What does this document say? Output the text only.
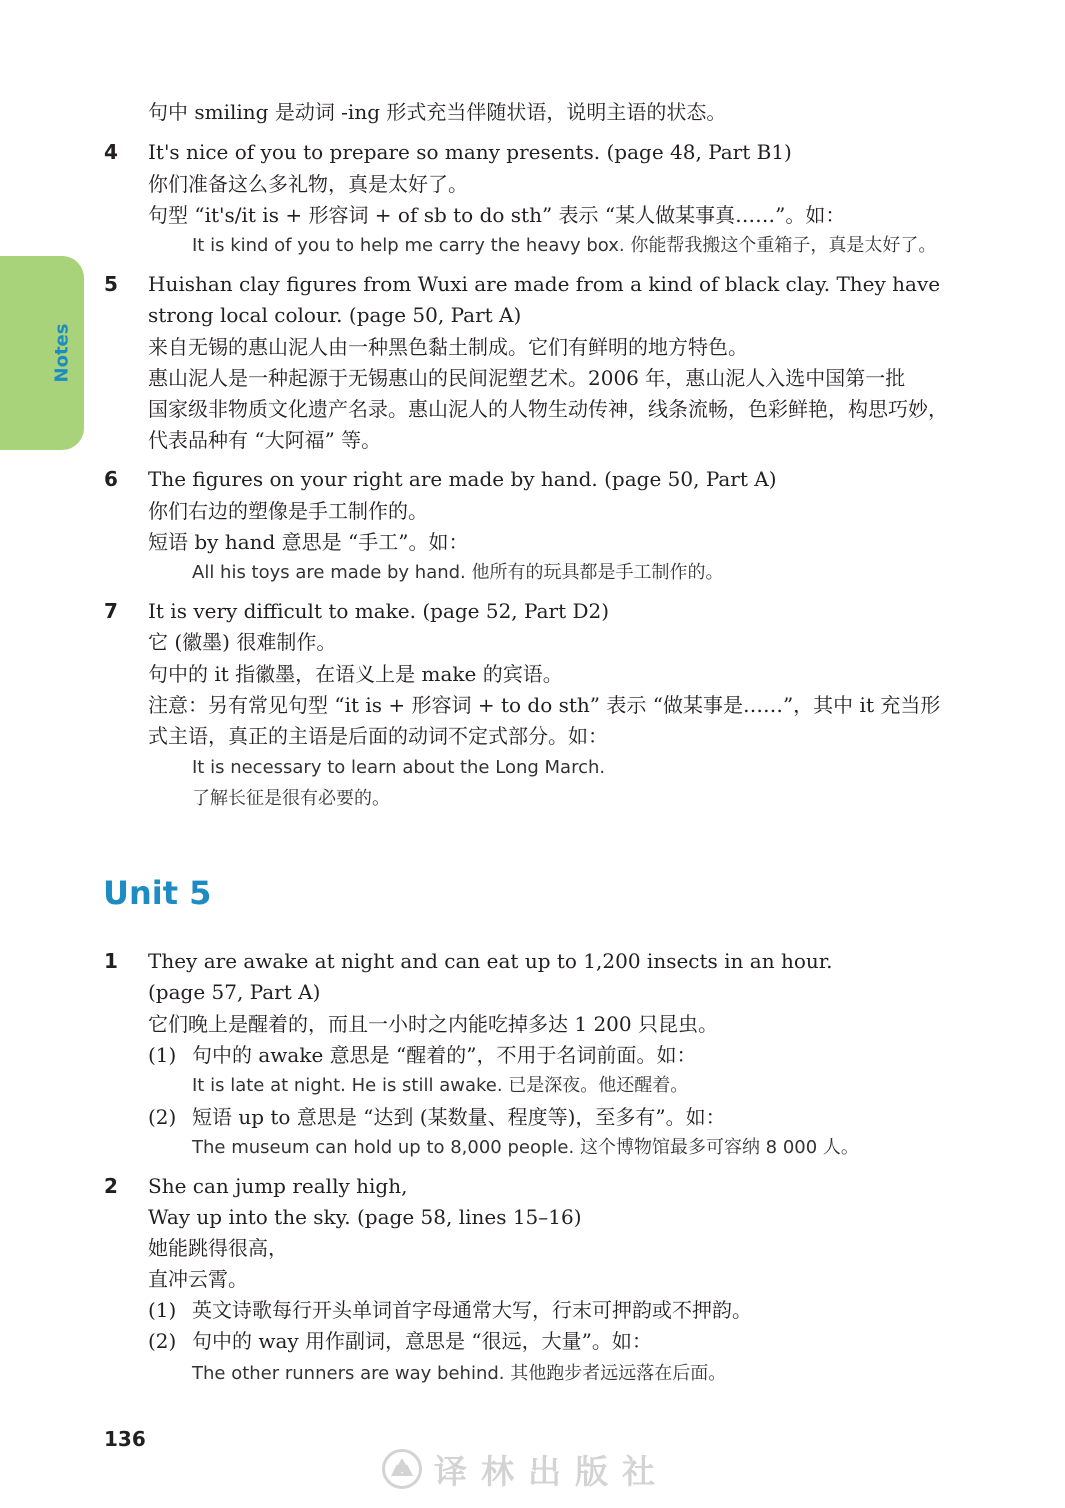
Notes
句中 smiling 是动词 -ing 形式充当伴随状语，说明主语的状态。
4 It's nice of you to prepare so many presents. (page 48, Part B1)
你们准备这么多礼物，真是太好了。
句型 “it's/it is + 形容词 + of sb to do sth” 表示 “某人做某事真……”。如：
It is kind of you to help me carry the heavy box. 你能帮我搬这个重箱子，真是太好了。
5 Huishan clay figures from Wuxi are made from a kind of black clay. They have
strong local colour. (page 50, Part A)
来自无锡的惠山泥人由一种黑色黏土制成。它们有鲜明的地方特色。
惠山泥人是一种起源于无锡惠山的民间泥塑艺术。2006 年，惠山泥人入选中国第一批
国家级非物质文化遗产名录。惠山泥人的人物生动传神，线条流畅，色彩鲜艳，构思巧妙，
代表品种有 “大阿福” 等。
6 The figures on your right are made by hand. (page 50, Part A)
你们右边的塑像是手工制作的。
短语 by hand 意思是 “手工”。如：
All his toys are made by hand. 他所有的玩具都是手工制作的。
7 It is very difficult to make. (page 52, Part D2)
它 (徽墨) 很难制作。
句中的 it 指徽墨，在语义上是 make 的宾语。
注意：另有常见句型 “it is + 形容词 + to do sth” 表示 “做某事是……”，其中 it 充当形
式主语，真正的主语是后面的动词不定式部分。如：
It is necessary to learn about the Long March.
了解长征是很有必要的。
Unit 5
1 They are awake at night and can eat up to 1,200 insects in an hour.
(page 57, Part A)
它们晚上是醒着的，而且一小时之内能吃掉多达 1 200 只昆虫。
(1) 句中的 awake 意思是 “醒着的”，不用于名词前面。如：
It is late at night. He is still awake. 已是深夜。他还醒着。
(2) 短语 up to 意思是 “达到 (某数量、程度等)，至多有”。如：
The museum can hold up to 8,000 people. 这个博物馆最多可容纳 8 000 人。
2 She can jump really high,
Way up into the sky. (page 58, lines 15–16)
她能跳得很高，
直冲云霄。
(1) 英文诗歌每行开头单词首字母通常大写，行末可押韵或不押韵。
(2) 句中的 way 用作副词，意思是 “很远，大量”。如：
The other runners are way behind. 其他跑步者远远落在后面。
136
译林出版社
